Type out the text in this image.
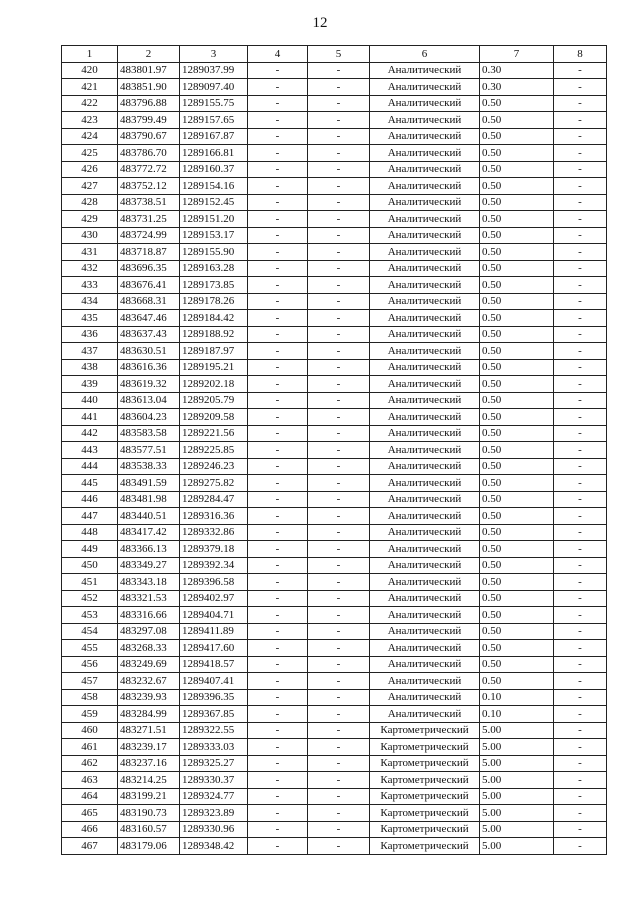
12
1	2	3	4	5	6	7	8
420	483801.97	1289037.99	-	-	Аналитический	0.30	-
421	483851.90	1289097.40	-	-	Аналитический	0.30	-
422	483796.88	1289155.75	-	-	Аналитический	0.50	-
423	483799.49	1289157.65	-	-	Аналитический	0.50	-
424	483790.67	1289167.87	-	-	Аналитический	0.50	-
425	483786.70	1289166.81	-	-	Аналитический	0.50	-
426	483772.72	1289160.37	-	-	Аналитический	0.50	-
427	483752.12	1289154.16	-	-	Аналитический	0.50	-
428	483738.51	1289152.45	-	-	Аналитический	0.50	-
429	483731.25	1289151.20	-	-	Аналитический	0.50	-
430	483724.99	1289153.17	-	-	Аналитический	0.50	-
431	483718.87	1289155.90	-	-	Аналитический	0.50	-
432	483696.35	1289163.28	-	-	Аналитический	0.50	-
433	483676.41	1289173.85	-	-	Аналитический	0.50	-
434	483668.31	1289178.26	-	-	Аналитический	0.50	-
435	483647.46	1289184.42	-	-	Аналитический	0.50	-
436	483637.43	1289188.92	-	-	Аналитический	0.50	-
437	483630.51	1289187.97	-	-	Аналитический	0.50	-
438	483616.36	1289195.21	-	-	Аналитический	0.50	-
439	483619.32	1289202.18	-	-	Аналитический	0.50	-
440	483613.04	1289205.79	-	-	Аналитический	0.50	-
441	483604.23	1289209.58	-	-	Аналитический	0.50	-
442	483583.58	1289221.56	-	-	Аналитический	0.50	-
443	483577.51	1289225.85	-	-	Аналитический	0.50	-
444	483538.33	1289246.23	-	-	Аналитический	0.50	-
445	483491.59	1289275.82	-	-	Аналитический	0.50	-
446	483481.98	1289284.47	-	-	Аналитический	0.50	-
447	483440.51	1289316.36	-	-	Аналитический	0.50	-
448	483417.42	1289332.86	-	-	Аналитический	0.50	-
449	483366.13	1289379.18	-	-	Аналитический	0.50	-
450	483349.27	1289392.34	-	-	Аналитический	0.50	-
451	483343.18	1289396.58	-	-	Аналитический	0.50	-
452	483321.53	1289402.97	-	-	Аналитический	0.50	-
453	483316.66	1289404.71	-	-	Аналитический	0.50	-
454	483297.08	1289411.89	-	-	Аналитический	0.50	-
455	483268.33	1289417.60	-	-	Аналитический	0.50	-
456	483249.69	1289418.57	-	-	Аналитический	0.50	-
457	483232.67	1289407.41	-	-	Аналитический	0.50	-
458	483239.93	1289396.35	-	-	Аналитический	0.10	-
459	483284.99	1289367.85	-	-	Аналитический	0.10	-
460	483271.51	1289322.55	-	-	Картометрический	5.00	-
461	483239.17	1289333.03	-	-	Картометрический	5.00	-
462	483237.16	1289325.27	-	-	Картометрический	5.00	-
463	483214.25	1289330.37	-	-	Картометрический	5.00	-
464	483199.21	1289324.77	-	-	Картометрический	5.00	-
465	483190.73	1289323.89	-	-	Картометрический	5.00	-
466	483160.57	1289330.96	-	-	Картометрический	5.00	-
467	483179.06	1289348.42	-	-	Картометрический	5.00	-
